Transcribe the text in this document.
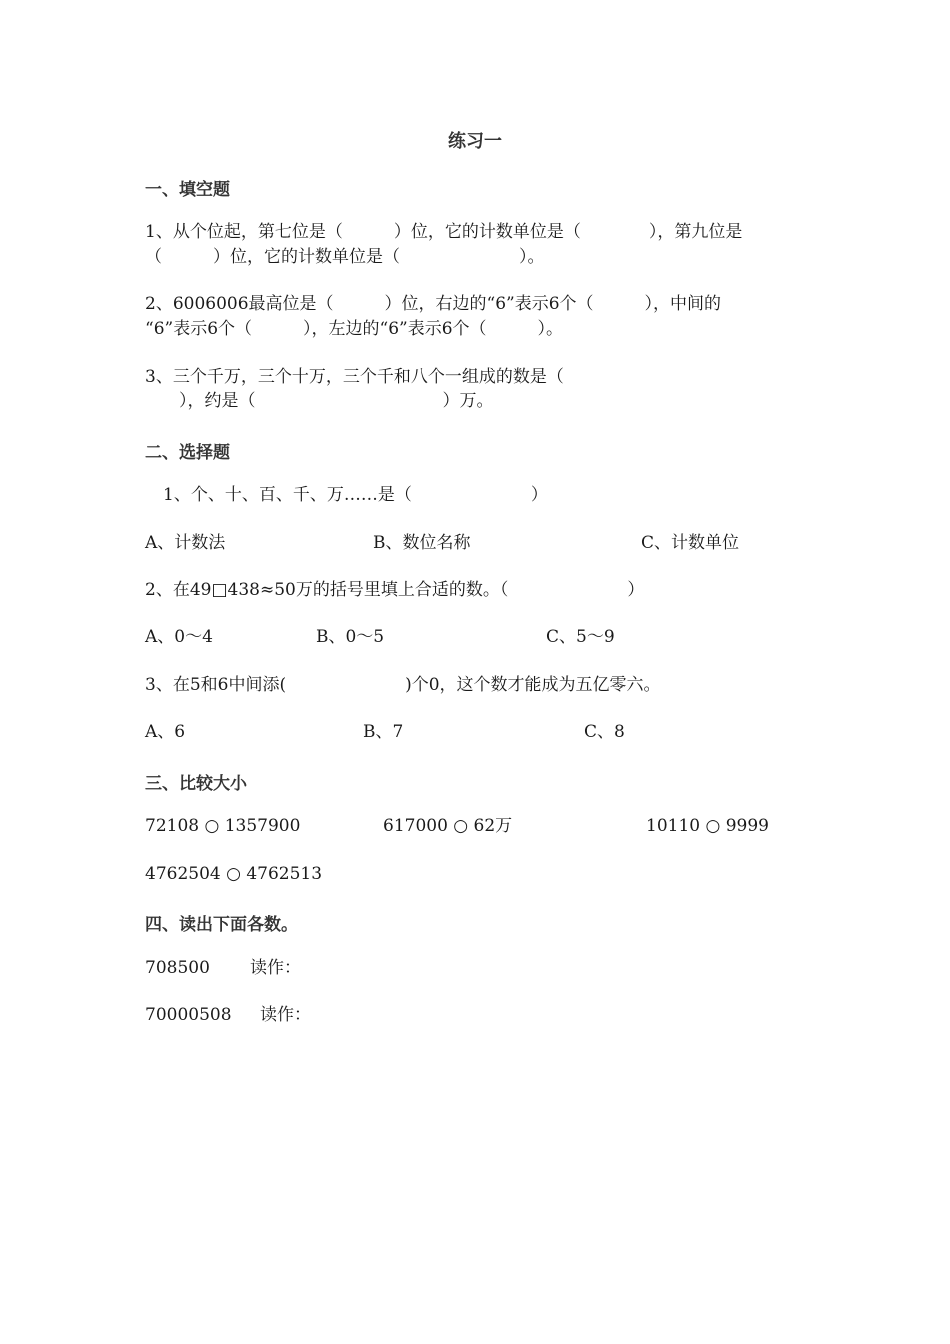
练习一
一、填空题
1、从个位起，第七位是（　　　）位，它的计数单位是（　　　　），第九位是
（　　　）位，它的计数单位是（　　　　　　　）。
2、6006006最高位是（　　　）位，右边的“6”表示6个（　　　），中间的
“6”表示6个（　　　），左边的“6”表示6个（　　　）。
3、三个千万，三个十万，三个千和八个一组成的数是（
　　），约是（　　　　　　　　　　　）万。
二、选择题
1、个、十、百、千、万……是（　　　　　　　）
A、计数法	B、数位名称	C、计数单位
2、在49□438≈50万的括号里填上合适的数。（　　　　　　　）
A、0～4	B、0～5	C、5～9
3、在5和6中间添(　　　　　　　)个0，这个数才能成为五亿零六。
A、6	B、7	C、8
三、比较大小
72108 ○ 1357900	617000 ○ 62万	10110 ○ 9999
4762504 ○ 4762513
四、读出下面各数。
708500 读作：
70000508 读作：
